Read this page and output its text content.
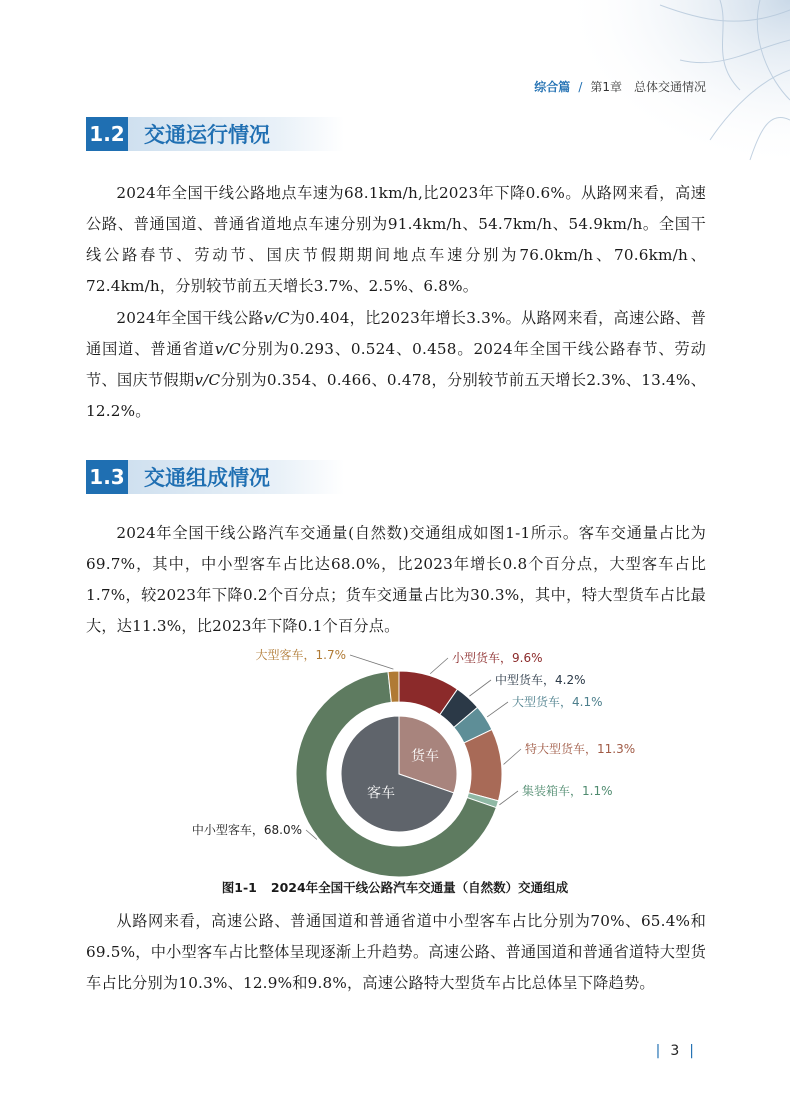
综合篇 / 第1章　总体交通情况
1.2 交通运行情况

2024年全国干线公路地点车速为68.1km/h,比2023年下降0.6%。从路网来看，高速公路、普通国道、普通省道地点车速分别为91.4km/h、54.7km/h、54.9km/h。全国干线公路春节、劳动节、国庆节假期期间地点车速分别为76.0km/h、70.6km/h、72.4km/h，分别较节前五天增长3.7%、2.5%、6.8%。

2024年全国干线公路v/C为0.404，比2023年增长3.3%。从路网来看，高速公路、普通国道、普通省道v/C分别为0.293、0.524、0.458。2024年全国干线公路春节、劳动节、国庆节假期v/C分别为0.354、0.466、0.478，分别较节前五天增长2.3%、13.4%、12.2%。

1.3 交通组成情况

2024年全国干线公路汽车交通量(自然数)交通组成如图1-1所示。客车交通量占比为69.7%，其中，中小型客车占比达68.0%，比2023年增长0.8个百分点，大型客车占比1.7%，较2023年下降0.2个百分点；货车交通量占比为30.3%，其中，特大型货车占比最大，达11.3%，比2023年下降0.1个百分点。

货车
客车
小型货车，9.6%
中型货车，4.2%
大型货车，4.1%
特大型货车，11.3%
集装箱车，1.1%
中小型客车，68.0%
大型客车，1.7%
图1-1 2024年全国干线公路汽车交通量（自然数）交通组成

从路网来看，高速公路、普通国道和普通省道中小型客车占比分别为70%、65.4%和69.5%，中小型客车占比整体呈现逐渐上升趋势。高速公路、普通国道和普通省道特大型货车占比分别为10.3%、12.9%和9.8%，高速公路特大型货车占比总体呈下降趋势。

| 3 |
